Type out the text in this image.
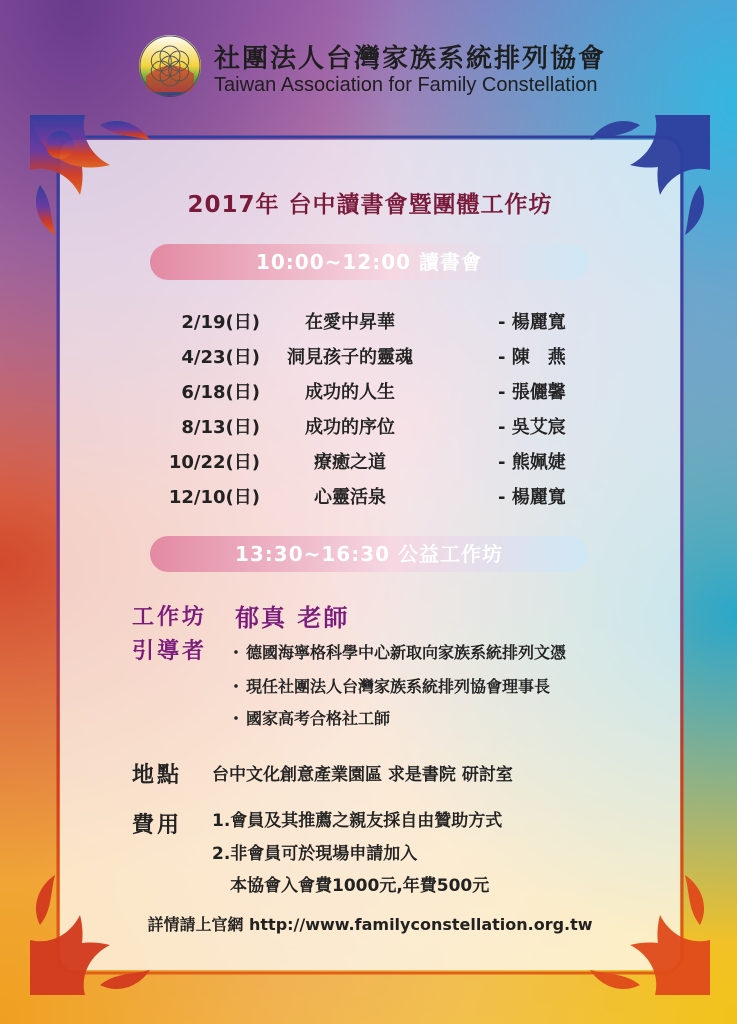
社團法人台灣家族系統排列協會
Taiwan Association for Family Constellation
2017年 台中讀書會暨團體工作坊
10:00~12:00 讀書會
2/19(日)	在愛中昇華	- 楊麗寬
4/23(日)	洞見孩子的靈魂	- 陳　燕
6/18(日)	成功的人生	- 張儷馨
8/13(日)	成功的序位	- 吳艾宸
10/22(日)	療癒之道	- 熊姵婕
12/10(日)	心靈活泉	- 楊麗寬
13:30~16:30 公益工作坊
工作坊
引導者
郁真 老師
・ 德國海寧格科學中心新取向家族系統排列文憑
・ 現任社團法人台灣家族系統排列協會理事長
・ 國家高考合格社工師
地點 台中文化創意產業園區 求是書院 研討室
費用 1.會員及其推薦之親友採自由贊助方式
2.非會員可於現場申請加入
本協會入會費1000元,年費500元
詳情請上官網 http://www.familyconstellation.org.tw
